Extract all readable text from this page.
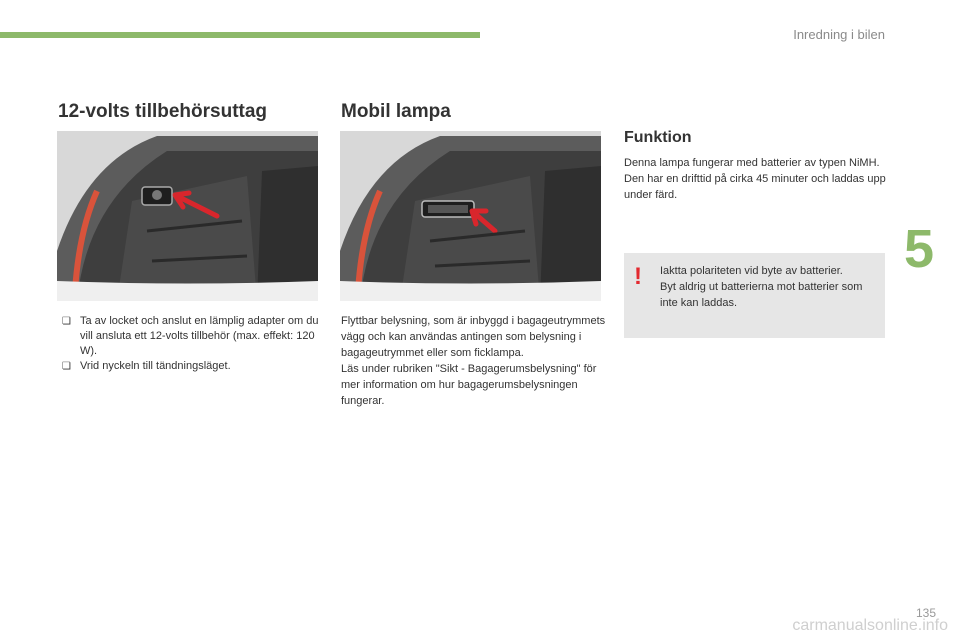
Inredning i bilen
5
12-volts tillbehörsuttag	Mobil lampa
Funktion
❏ Ta av locket och anslut en lämplig adapter om du vill ansluta ett 12-volts tillbehör (max. effekt: 120 W).
❏ Vrid nyckeln till tändningsläget.
Flyttbar belysning, som är inbyggd i bagageutrymmets vägg och kan användas antingen som belysning i bagageutrymmet eller som ficklampa.
Läs under rubriken "Sikt - Bagagerumsbelysning" för mer information om hur bagagerumsbelysningen fungerar.
Denna lampa fungerar med batterier av typen NiMH.
Den har en drifttid på cirka 45 minuter och laddas upp under färd.
! Iaktta polariteten vid byte av batterier.
Byt aldrig ut batterierna mot batterier som inte kan laddas.
135
carmanualsonline.info
